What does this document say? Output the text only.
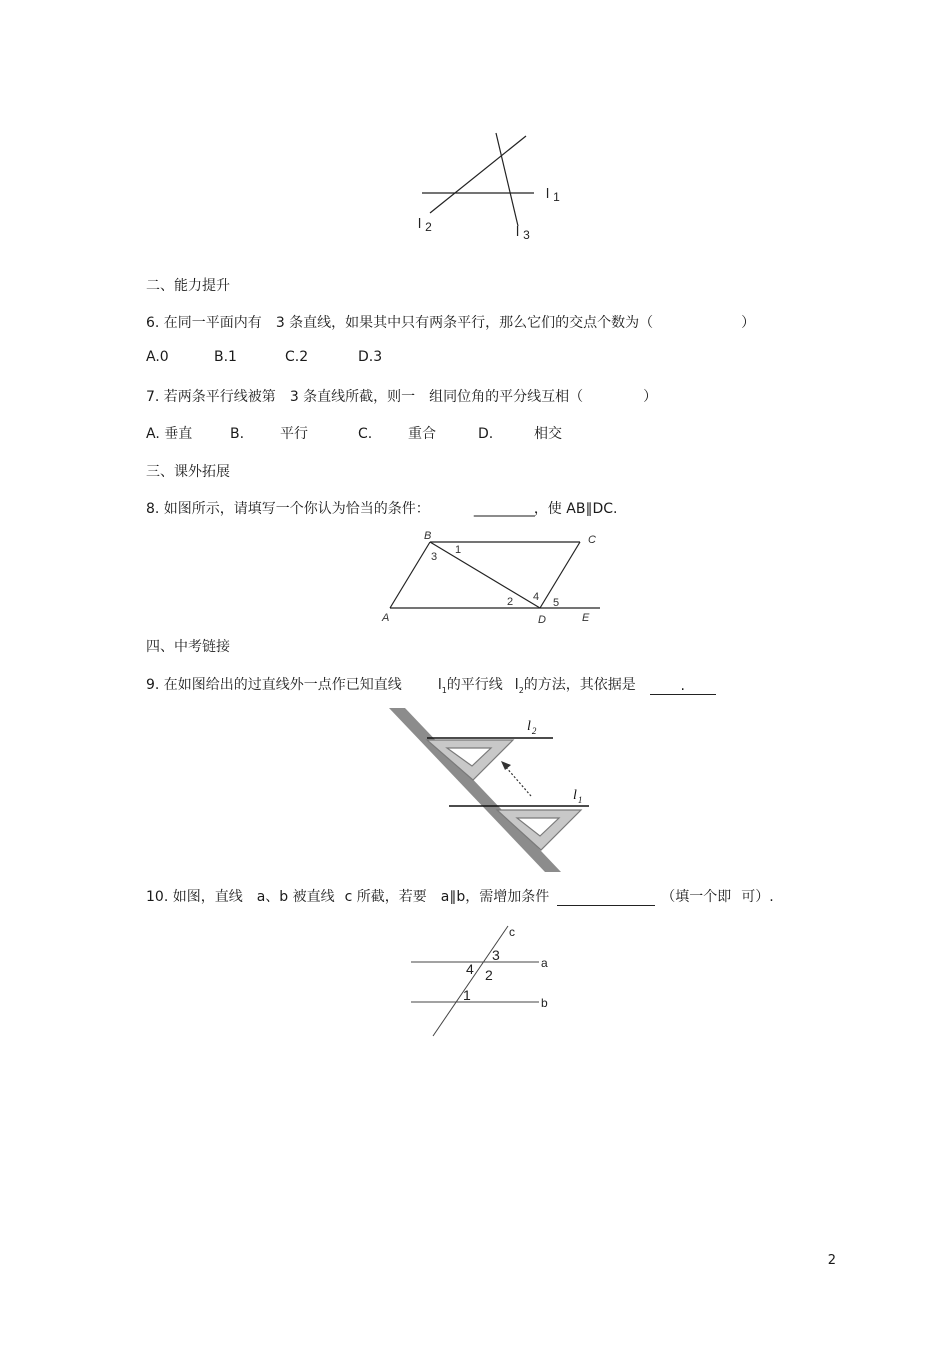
l 1
l 2	l 3
二、能力提升
6. 在同一平面内有 3 条直线，如果其中只有两条平行，那么它们的交点个数为（	）
A.0	B.1	C.2	D.3
7. 若两条平行线被第 3 条直线所截，则一 组同位角的平分线互相（	）
A. 垂直	B.	平行	C.	重合	D.	相交
三、课外拓展
8. 如图所示，请填写一个你认为恰当的条件：	__________，使 AB∥DC.
B	C
A	D	E
1
3
2 4 5
四、中考链接
9. 在如图给出的过直线外一点作已知直线	$l_1$的平行线 $l_2$的方法，其依据是	.
$l_2$
$l_1$
10. 如图，直线 a、b 被直线 c 所截，若要 a∥b，需增加条件	（填一个即 可）.
c
a
b
3
4 2
1
2
